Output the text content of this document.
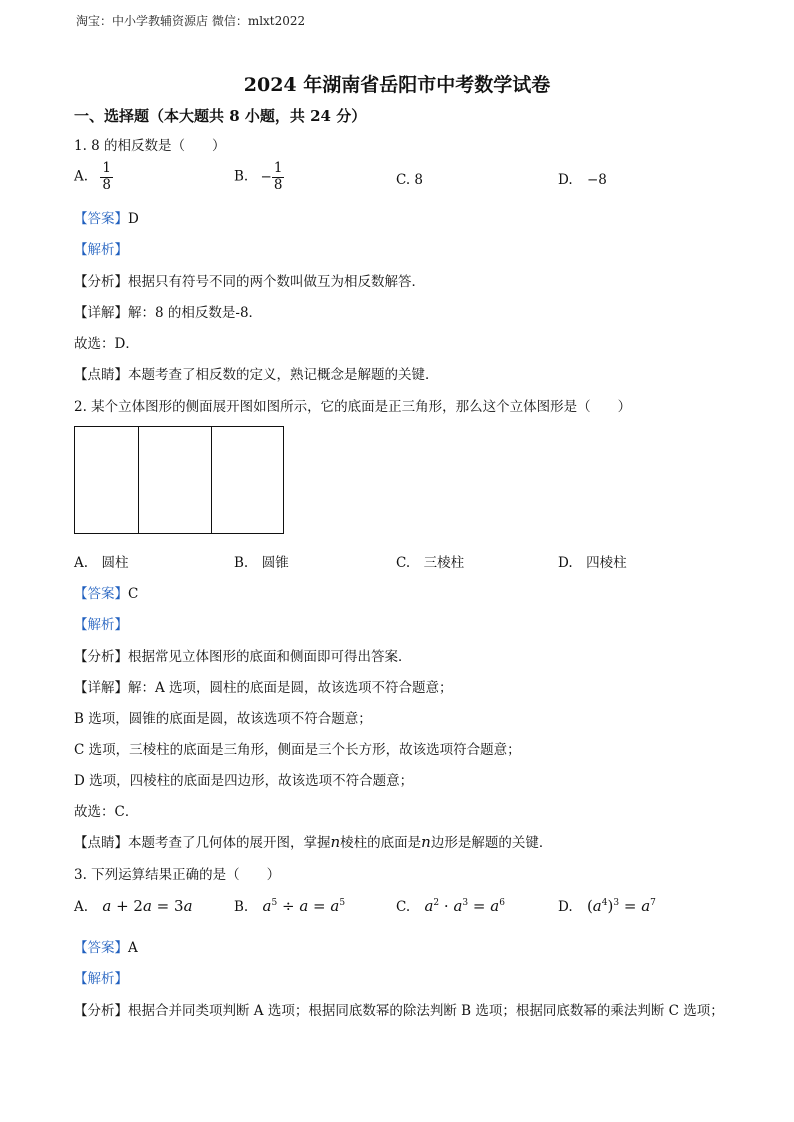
淘宝：中小学教辅资源店 微信：mlxt2022
2024 年湖南省岳阳市中考数学试卷
一、选择题（本大题共 8 小题，共 24 分）
1. 8 的相反数是（　　）
A. $\frac{1}{8}$	B. − $\frac{1}{8}$	C. 8	D. −8
【答案】D
【解析】
【分析】根据只有符号不同的两个数叫做互为相反数解答．
【详解】解：8 的相反数是-8．
故选：D．
【点睛】本题考查了相反数的定义，熟记概念是解题的关键．
2. 某个立体图形的侧面展开图如图所示，它的底面是正三角形，那么这个立体图形是（　　）
A.　圆柱	B.　圆锥	C.　三棱柱	D.　四棱柱
【答案】C
【解析】
【分析】根据常见立体图形的底面和侧面即可得出答案．
【详解】解：A 选项，圆柱的底面是圆，故该选项不符合题意；
B 选项，圆锥的底面是圆，故该选项不符合题意；
C 选项，三棱柱的底面是三角形，侧面是三个长方形，故该选项符合题意；
D 选项，四棱柱的底面是四边形，故该选项不符合题意；
故选：C．
【点睛】本题考查了几何体的展开图，掌握n棱柱的底面是n边形是解题的关键．
3. 下列运算结果正确的是（　　）
A. a + 2a = 3a	B. $a^5 \div a = a^5$	C. $a^2 \cdot a^3 = a^6$	D. $(a^4)^3 = a^7$
【答案】A
【解析】
【分析】根据合并同类项判断 A 选项；根据同底数幂的除法判断 B 选项；根据同底数幂的乘法判断 C 选项；
